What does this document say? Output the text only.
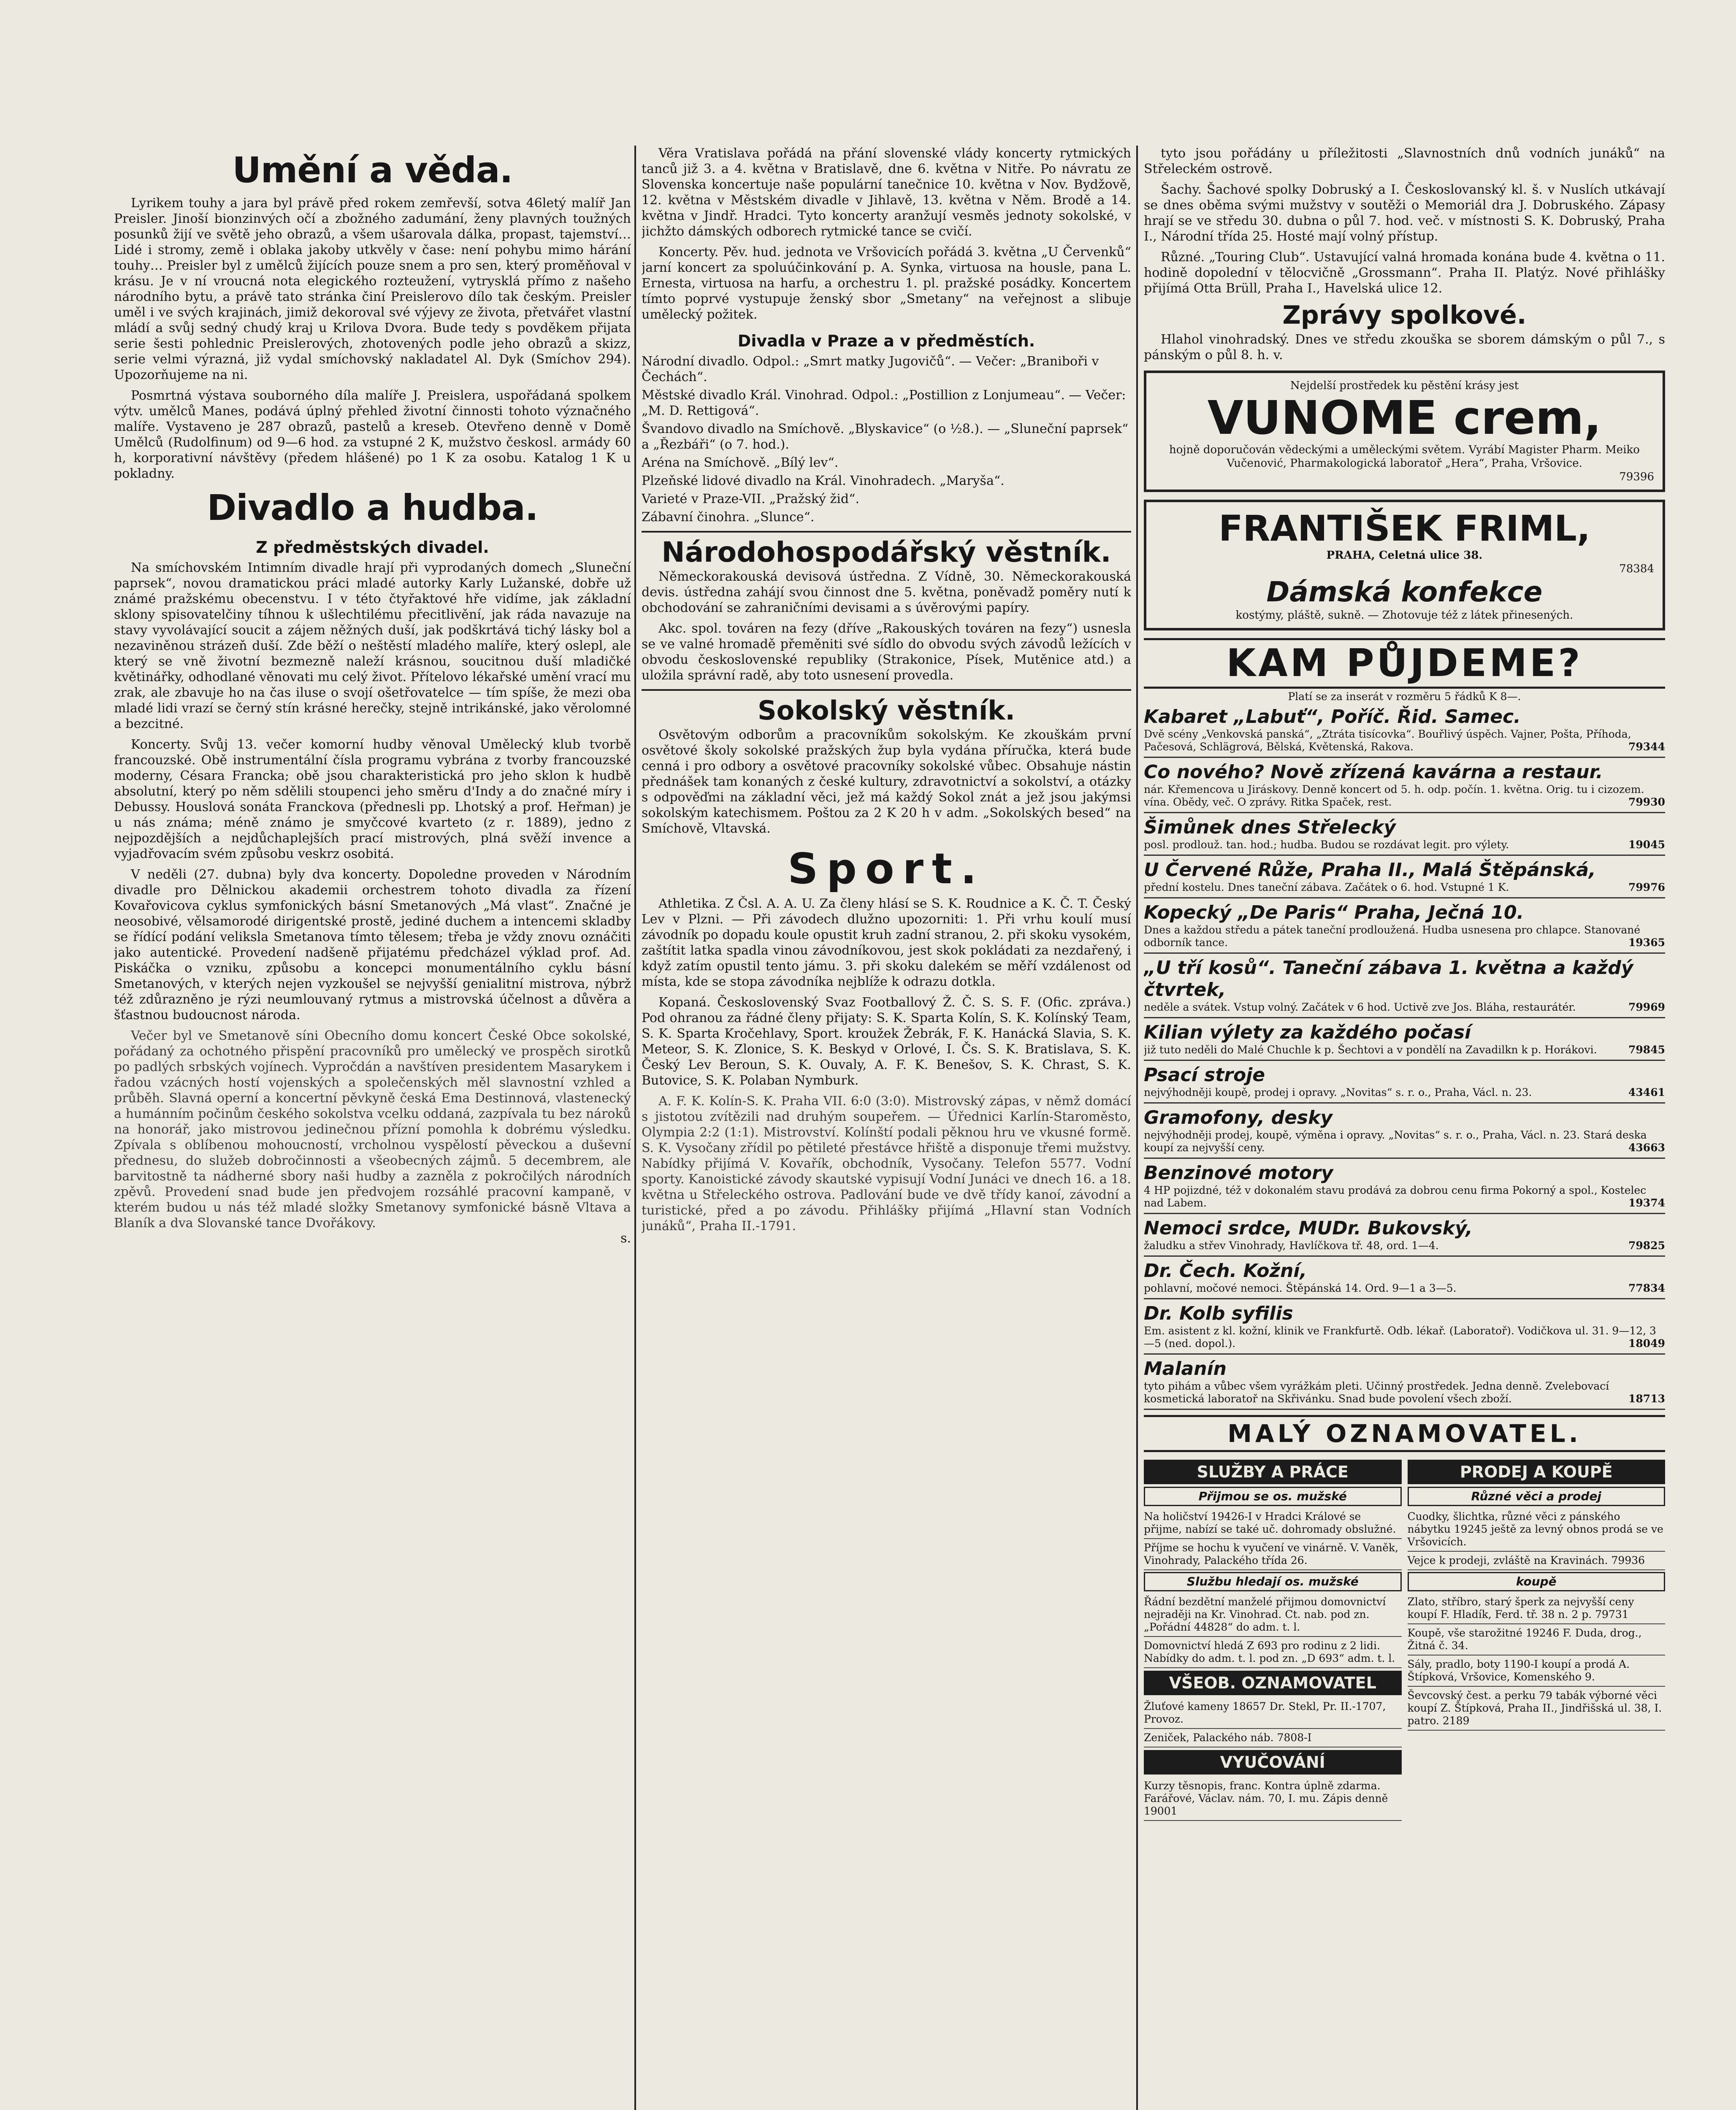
Umění a věda.

Lyrikem touhy a jara byl právě před rokem zemřevší, sotva 46letý malíř Jan Preisler. Jinoší bionzinvých očí a zbožného zadumání, ženy plavných toužných posunků žijí ve světě jeho obrazů, a všem ušarovala dálka, propast, tajemství… Lidé i stromy, země i oblaka jakoby utkvěly v čase: není pohybu mimo hárání touhy… Preisler byl z umělců žijících pouze snem a pro sen, který proměňoval v krásu. Je v ní vroucná nota elegického rozteužení, vytrysklá přímo z našeho národního bytu, a právě tato stránka činí Preislerovo dílo tak českým. Preisler uměl i ve svých krajinách, jimiž dekoroval své výjevy ze života, přetvářet vlastní mládí a svůj sedný chudý kraj u Krilova Dvora. Bude tedy s povděkem přijata serie šesti pohlednic Preislerových, zhotovených podle jeho obrazů a skizz, serie velmi výrazná, již vydal smíchovský nakladatel Al. Dyk (Smíchov 294). Upozorňujeme na ni.

Posmrtná výstava souborného díla malíře J. Preislera, uspořádaná spolkem výtv. umělců Manes, podává úplný přehled životní činnosti tohoto význačného malíře. Vystaveno je 287 obrazů, pastelů a kreseb. Otevřeno denně v Domě Umělců (Rudolfinum) od 9—6 hod. za vstupné 2 K, mužstvo českosl. armády 60 h, korporativní návštěvy (předem hlášené) po 1 K za osobu. Katalog 1 K u pokladny.

Divadlo a hudba.
Z předměstských divadel.

Na smíchovském Intimním divadle hrají při vyprodaných domech „Sluneční paprsek“, novou dramatickou práci mladé autorky Karly Lužanské, dobře už známé pražskému obecenstvu. I v této čtyřaktové hře vidíme, jak základní sklony spisovatelčiny tíhnou k ušlechtilému přecitlivění, jak ráda navazuje na stavy vyvolávající soucit a zájem něžných duší, jak podškrtává tichý lásky bol a nezaviněnou strázeň duší. Zde běží o neštěstí mladého malíře, který oslepl, ale který se vně životní bezmezně naleží krásnou, soucitnou duší mladičké květinářky, odhodlané věnovati mu celý život. Přítelovo lékařské umění vrací mu zrak, ale zbavuje ho na čas iluse o svojí ošetřovatelce — tím spíše, že mezi oba mladé lidi vrazí se černý stín krásné herečky, stejně intrikánské, jako věrolomné a bezcitné.

Koncerty. Svůj 13. večer komorní hudby věnoval Umělecký klub tvorbě francouzské. Obě instrumentální čísla programu vybrána z tvorby francouzské moderny, Césara Francka; obě jsou charakteristická pro jeho sklon k hudbě absolutní, který po něm sdělili stoupenci jeho směru d'Indy a do značné míry i Debussy. Houslová sonáta Franckova (přednesli pp. Lhotský a prof. Heřman) je u nás známa; méně známo je smyčcové kvarteto (z r. 1889), jedno z nejpozdějších a nejdůchaplejších prací mistrových, plná svěží invence a vyjadřovacím svém způsobu veskrz osobitá.

V neděli (27. dubna) byly dva koncerty. Dopoledne proveden v Národním divadle pro Dělnickou akademii orchestrem tohoto divadla za řízení Kovařovicova cyklus symfonických básní Smetanových „Má vlast“. Značné je neosobivé, vělsamorodé dirigentské prostě, jediné duchem a intencemi skladby se řídící podání veliksla Smetanova tímto tělesem; třeba je vždy znovu oznáčiti jako autentické. Provedení nadšeně přijatému předcházel výklad prof. Ad. Piskáčka o vzniku, způsobu a koncepci monumentálního cyklu básní Smetanových, v kterých nejen vyzkoušel se nejvyšší genialitní mistrova, nýbrž též zdůrazněno je rýzi neumlouvaný rytmus a mistrovská účelnost a důvěra a šťastnou budoucnost národa.

Večer byl ve Smetanově síni Obecního domu koncert České Obce sokolské, pořádaný za ochotného přispění pracovníků pro umělecký ve prospěch sirotků po padlých srbských vojínech. Vypročdán a navštíven presidentem Masarykem i řadou vzácných hostí vojenských a společenských měl slavnostní vzhled a průběh. Slavná operní a koncertní pěvkyně česká Ema Destinnová, vlastenecký a humánním počinům českého sokolstva vcelku oddaná, zazpívala tu bez nároků na honorář, jako mistrovou jedinečnou přízní pomohla k dobrému výsledku. Zpívala s oblíbenou mohoucností, vrcholnou vyspělostí pěveckou a duševní přednesu, do služeb dobročinnosti a všeobecných zájmů. 5 decembrem, ale barvitostně ta nádherné sbory naši hudby a zazněla z pokročilých národních zpěvů. Provedení snad bude jen předvojem rozsáhlé pracovní kampaně, v kterém budou u nás též mladé složky Smetanovy symfonické básně Vltava a Blaník a dva Slovanské tance Dvořákovy.

s.

Věra Vratislava pořádá na přání slovenské vlády koncerty rytmických tanců již 3. a 4. května v Bratislavě, dne 6. května v Nitře. Po návratu ze Slovenska koncertuje naše populární tanečnice 10. května v Nov. Bydžově, 12. května v Městském divadle v Jihlavě, 13. května v Něm. Brodě a 14. května v Jindř. Hradci. Tyto koncerty aranžují vesměs jednoty sokolské, v jichžto dámských odborech rytmické tance se cvičí.

Koncerty. Pěv. hud. jednota ve Vršovicích pořádá 3. května „U Červenků“ jarní koncert za spoluúčinkování p. A. Synka, virtuosa na housle, pana L. Ernesta, virtuosa na harfu, a orchestru 1. pl. pražské posádky. Koncertem tímto poprvé vystupuje ženský sbor „Smetany“ na veřejnost a slibuje umělecký požitek.

Divadla v Praze a v předměstích.
Národní divadlo. Odpol.: „Smrt matky Jugovičů“. — Večer: „Braniboři v Čechách“.
Městské divadlo Král. Vinohrad. Odpol.: „Postillion z Lonjumeau“. — Večer: „M. D. Rettigová“.
Švandovo divadlo na Smíchově. „Blyskavice“ (o ½8.). — „Sluneční paprsek“ a „Řezbáři“ (o 7. hod.).
Aréna na Smíchově. „Bílý lev“.
Plzeňské lidové divadlo na Král. Vinohradech. „Maryša“.
Varieté v Praze-VII. „Pražský žid“.
Zábavní činohra. „Slunce“.
Národohospodářský věstník.

Německorakouská devisová ústředna. Z Vídně, 30. Německorakouská devis. ústředna zahájí svou činnost dne 5. května, poněvadž poměry nutí k obchodování se zahraničními devisami a s úvěrovými papíry.

Akc. spol. továren na fezy (dříve „Rakouských továren na fezy“) usnesla se ve valné hromadě přeměniti své sídlo do obvodu svých závodů ležících v obvodu československé republiky (Strakonice, Písek, Mutěnice atd.) a uložila správní radě, aby toto usnesení provedla.

Sokolský věstník.

Osvětovým odborům a pracovníkům sokolským. Ke zkouškám první osvětové školy sokolské pražských žup byla vydána příručka, která bude cenná i pro odbory a osvětové pracovníky sokolské vůbec. Obsahuje nástin přednášek tam konaných z české kultury, zdravotnictví a sokolství, a otázky s odpověďmi na základní věci, jež má každý Sokol znát a jež jsou jakýmsi sokolským katechismem. Poštou za 2 K 20 h v adm. „Sokolských besed“ na Smíchově, Vltavská.

Sport.

Athletika. Z Čsl. A. A. U. Za členy hlásí se S. K. Roudnice a K. Č. T. Český Lev v Plzni. — Při závodech dlužno upozorniti: 1. Při vrhu koulí musí závodník po dopadu koule opustit kruh zadní stranou, 2. při skoku vysokém, zaštítit latka spadla vinou závodníkovou, jest skok pokládati za nezdařený, i když zatím opustil tento jámu. 3. při skoku dalekém se měří vzdálenost od místa, kde se stopa závodníka nejblíže k odrazu dotkla.

Kopaná. Československý Svaz Footballový Ž. Č. S. S. F. (Ofic. zpráva.) Pod ohranou za řádné členy přijaty: S. K. Sparta Kolín, S. K. Kolínský Team, S. K. Sparta Kročehlavy, Sport. kroužek Žebrák, F. K. Hanácká Slavia, S. K. Meteor, S. K. Zlonice, S. K. Beskyd v Orlové, I. Čs. S. K. Bratislava, S. K. Český Lev Beroun, S. K. Ouvaly, A. F. K. Benešov, S. K. Chrast, S. K. Butovice, S. K. Polaban Nymburk.

A. F. K. Kolín-S. K. Praha VII. 6:0 (3:0). Mistrovský zápas, v němž domácí s jistotou zvítězili nad druhým soupeřem. — Úřednici Karlín-Staroměsto, Olympia 2:2 (1:1). Mistrovství. Kolínští podali pěknou hru ve vkusné formě. S. K. Vysočany zřídil po pětileté přestávce hřiště a disponuje třemi mužstvy. Nabídky přijímá V. Kovařík, obchodník, Vysočany. Telefon 5577. Vodní sporty. Kanoistické závody skautské vypisují Vodní Junáci ve dnech 16. a 18. května u Střeleckého ostrova. Padlování bude ve dvě třídy kanoí, závodní a turistické, před a po závodu. Přihlášky přijímá „Hlavní stan Vodních junáků“, Praha II.-1791.

tyto jsou pořádány u příležitosti „Slavnostních dnů vodních junáků“ na Střeleckém ostrově.

Šachy. Šachové spolky Dobruský a I. Českoslovanský kl. š. v Nuslích utkávají se dnes oběma svými mužstvy v soutěži o Memoriál dra J. Dobruského. Zápasy hrají se ve středu 30. dubna o půl 7. hod. več. v místnosti S. K. Dobruský, Praha I., Národní třída 25. Hosté mají volný přístup.

Různé. „Touring Club“. Ustavující valná hromada konána bude 4. května o 11. hodině dopolední v tělocvičně „Grossmann“. Praha II. Platýz. Nové přihlášky přijímá Otta Brüll, Praha I., Havelská ulice 12.

Zprávy spolkové.

Hlahol vinohradský. Dnes ve středu zkouška se sborem dámským o půl 7., s pánským o půl 8. h. v.

Nejdelší prostředek ku pěstění krásy jest
VUNOME crem,
hojně doporučován vědeckými a uměleckými světem. Vyrábí Magister Pharm. Meiko Vučenović, Pharmakologická laboratoř „Hera“, Praha, Vršovice.
79396
FRANTIŠEK FRIML,
PRAHA, Celetná ulice 38.
78384
Dámská konfekce
kostýmy, pláště, sukně. — Zhotovuje též z látek přinesených.
KAM PŮJDEME?
Platí se za inserát v rozměru 5 řádků K 8—.
Kabaret „Labuť“, Poříč. Řid. Samec.
Dvě scény „Venkovská panská“, „Ztráta tisícovka“. Bouřlivý úspěch. Vajner, Pošta, Příhoda, Pačesová, Schlägrová, Bělská, Květenská, Rakova.	79344
Co nového? Nově zřízená kavárna a restaur.
nár. Křemencova u Jiráskovy. Denně koncert od 5. h. odp. počín. 1. května. Orig. tu i cizozem. vína. Obědy, več. O zprávy. Ritka Spaček, rest.	79930
Šimůnek dnes Střelecký
posl. prodlouž. tan. hod.; hudba. Budou se rozdávat legit. pro výlety.	19045
U Červené Růže, Praha II., Malá Štěpánská,
přední kostelu. Dnes taneční zábava. Začátek o 6. hod. Vstupné 1 K.	79976
Kopecký „De Paris“ Praha, Ječná 10.
Dnes a každou středu a pátek taneční prodloužená. Hudba usnesena pro chlapce. Stanované odborník tance.	19365
„U tří kosů“. Taneční zábava 1. května a každý čtvrtek,
neděle a svátek. Vstup volný. Začátek v 6 hod. Uctivě zve Jos. Bláha, restaurátér.	79969
Kilian výlety za každého počasí
již tuto neděli do Malé Chuchle k p. Šechtovi a v pondělí na Zavadilkn k p. Horákovi.	79845
Psací stroje
nejvýhodněji koupě, prodej i opravy. „Novitas“ s. r. o., Praha, Václ. n. 23.	43461
Gramofony, desky
nejvýhodněji prodej, koupě, výměna i opravy. „Novitas“ s. r. o., Praha, Václ. n. 23. Stará deska koupí za nejvyšší ceny.	43663
Benzinové motory
4 HP pojizdné, též v dokonalém stavu prodává za dobrou cenu firma Pokorný a spol., Kostelec nad Labem.	19374
Nemoci srdce, MUDr. Bukovský,
žaludku a střev Vinohrady, Havlíčkova tř. 48, ord. 1—4.	79825
Dr. Čech. Kožní,
pohlavní, močové nemoci. Štěpánská 14. Ord. 9—1 a 3—5.	77834
Dr. Kolb syfilis
Em. asistent z kl. kožní, klinik ve Frankfurtě. Odb. lékař. (Laboratoř). Vodičkova ul. 31. 9—12, 3—5 (ned. dopol.).	18049
Malanín
tyto pihám a vůbec všem vyrážkám pleti. Učinný prostředek. Jedna denně. Zvelebovací kosmetická laboratoř na Skřivánku. Snad bude povolení všech zboží.	18713
MALÝ OZNAMOVATEL.
SLUŽBY A PRÁCE
Přijmou se os. mužské
Na holičství 19426-I v Hradci Králové se přijme, nabízí se také uč. dohromady obslužné.
Příjme se hochu k vyučení ve vinárně. V. Vaněk, Vinohrady, Palackého třída 26.
Službu hledají os. mužské
Řádní bezdětní manželé přijmou domovnictví nejraději na Kr. Vinohrad. Ct. nab. pod zn. „Pořádní 44828“ do adm. t. l.
Domovnictví hledá Z 693 pro rodinu z 2 lidi. Nabídky do adm. t. l. pod zn. „D 693“ adm. t. l.
VŠEOB. OZNAMOVATEL
Žluťové kameny 18657 Dr. Stekl, Pr. II.-1707, Provoz.
Zeniček, Palackého náb. 7808-I
VYUČOVÁNÍ
Kurzy těsnopis, franc. Kontra úplně zdarma. Farářové, Václav. nám. 70, I. mu. Zápis denně 19001
PRODEJ A KOUPĚ
Různé věci a prodej
Cuodky, šlichtka, různé věci z pánského nábytku 19245 ještě za levný obnos prodá se ve Vršovicích.
Vejce k prodeji, zvláště na Kravinách. 79936
koupě
Zlato, stříbro, starý šperk za nejvyšší ceny koupí F. Hladík, Ferd. tř. 38 n. 2 p. 79731
Koupě, vše starožitné 19246 F. Duda, drog., Žitná č. 34.
Sály, pradlo, boty 1190-I koupí a prodá A. Štípková, Vršovice, Komenského 9.
Ševcovský čest. a perku 79 tabák výborné věci koupí Z. Štípková, Praha II., Jindřišská ul. 38, I. patro. 2189
